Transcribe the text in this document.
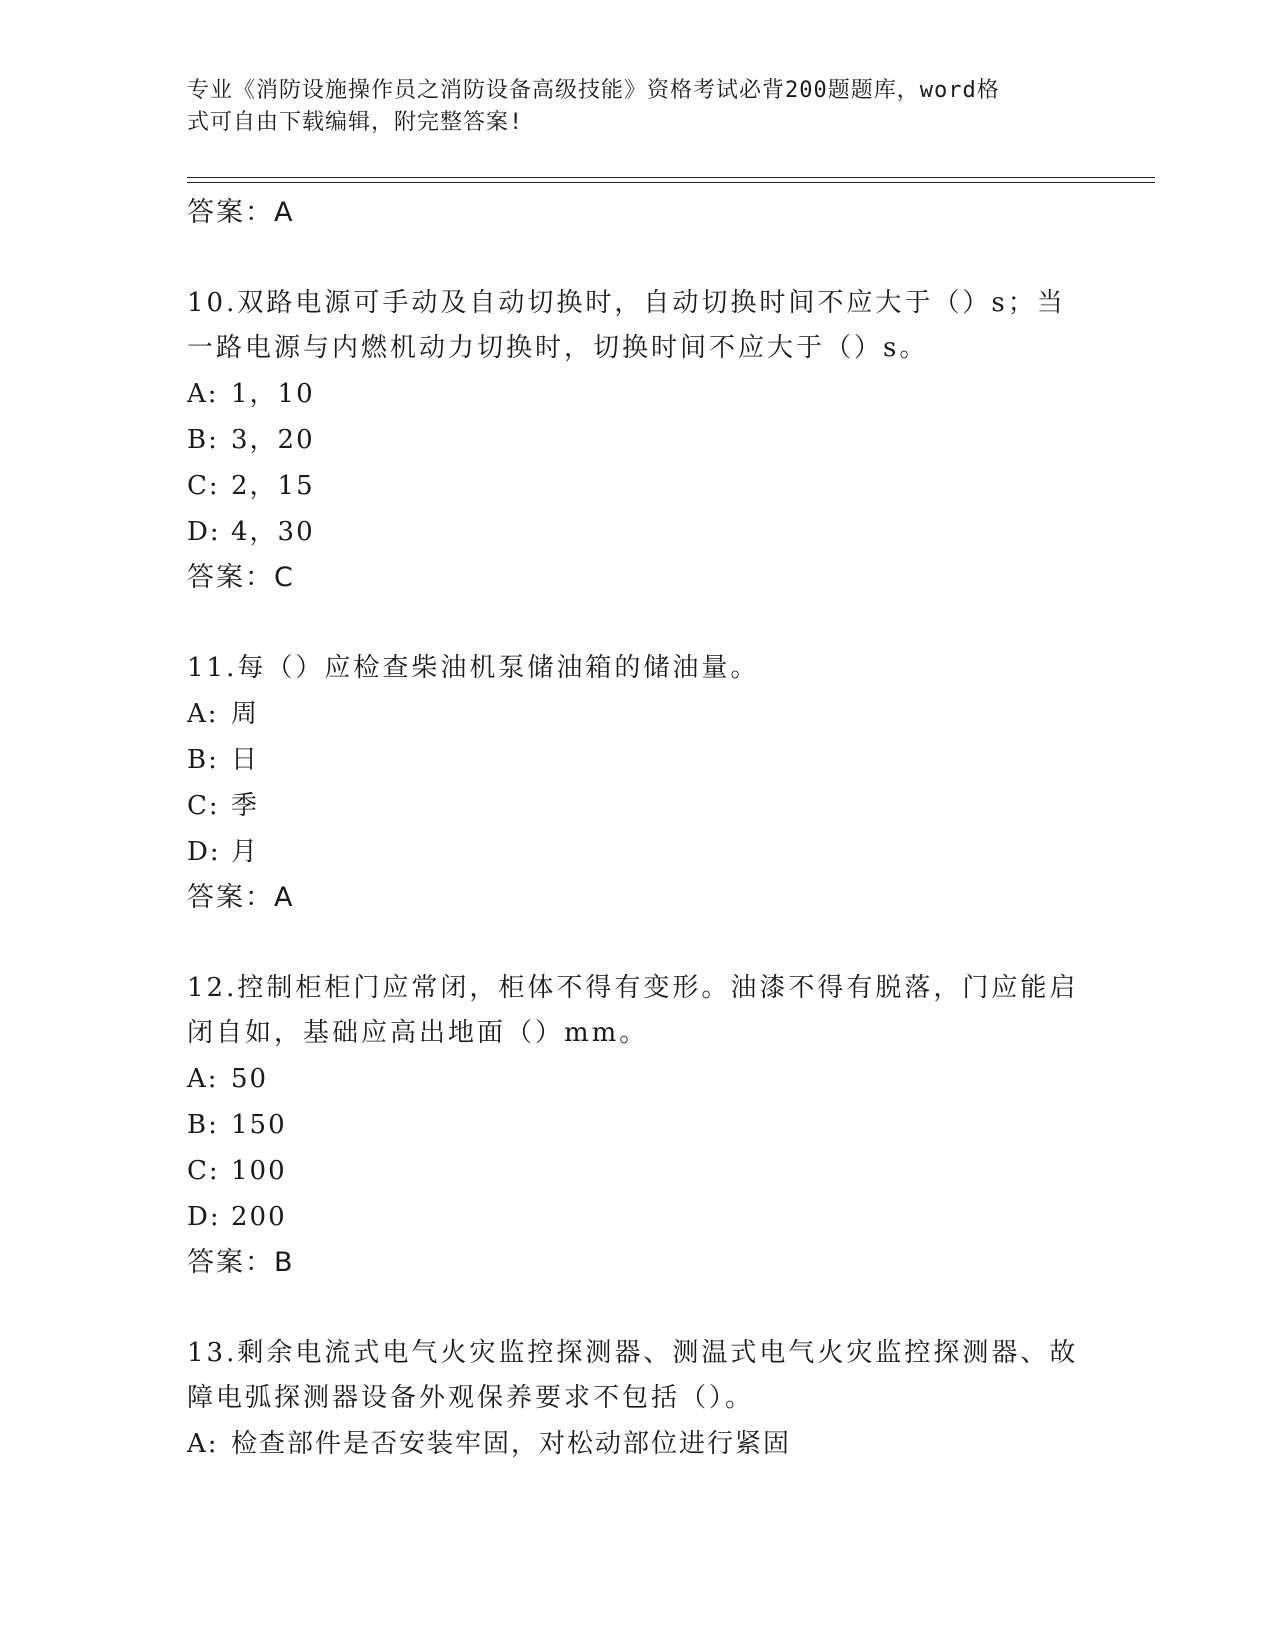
专业《消防设施操作员之消防设备高级技能》资格考试必背200题题库，word格
式可自由下载编辑，附完整答案!
答案：A
10.双路电源可手动及自动切换时，自动切换时间不应大于（）s；当
一路电源与内燃机动力切换时，切换时间不应大于（）s。
A: 1，10
B: 3，20
C: 2，15
D: 4，30
答案：C
11.每（）应检查柴油机泵储油箱的储油量。
A: 周
B: 日
C: 季
D: 月
答案：A
12.控制柜柜门应常闭，柜体不得有变形。油漆不得有脱落，门应能启
闭自如，基础应高出地面（）mm。
A: 50
B: 150
C: 100
D: 200
答案：B
13.剩余电流式电气火灾监控探测器、测温式电气火灾监控探测器、故
障电弧探测器设备外观保养要求不包括（）。
A: 检查部件是否安装牢固，对松动部位进行紧固
